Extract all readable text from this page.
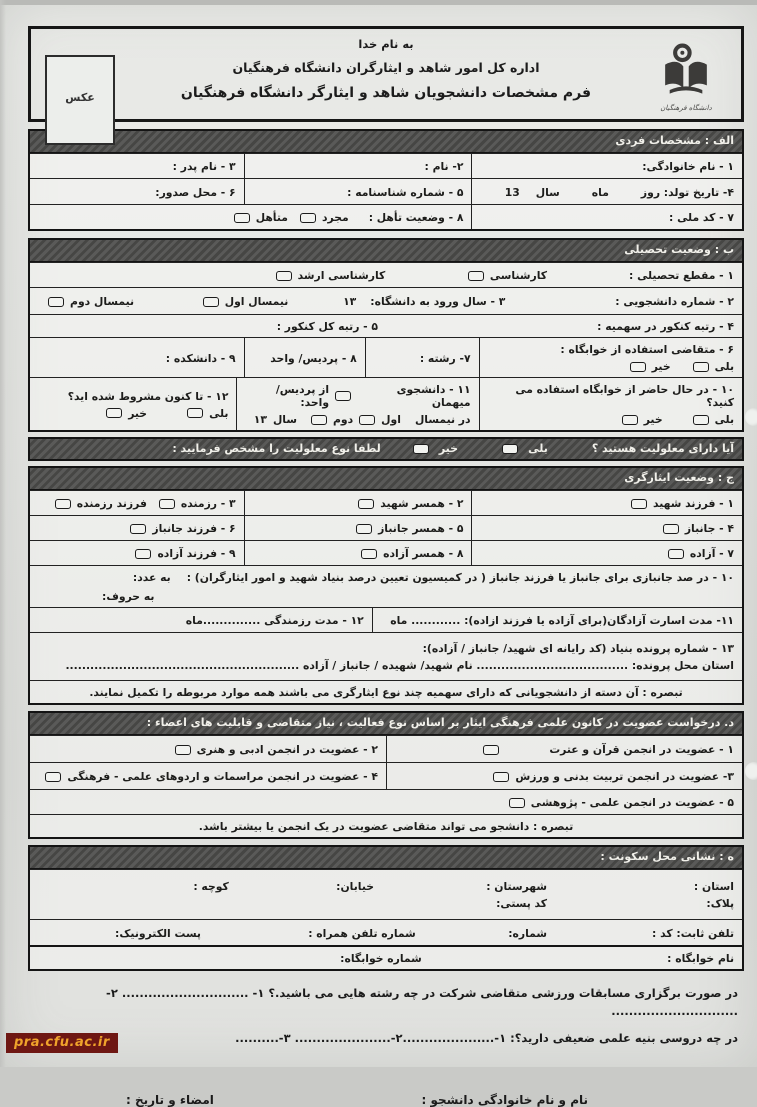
عکس
به نام خدا
اداره کل امور شاهد و ایثارگران دانشگاه فرهنگیان
فرم مشخصات دانشجویان شاهد و ایثارگر دانشگاه فرهنگیان
دانشگاه فرهنگیان
الف : مشخصات فردی
۱ - نام خانوادگی:
۲- نام :
۳ - نام پدر :
۴- تاریخ تولد: روز
ماه
سال
13
۵ - شماره شناسنامه :
۶ - محل صدور:
۷ - کد ملی :
۸ - وضعیت تأهل :
مجرد
متأهل
ب : وضعیت تحصیلی
۱ - مقطع تحصیلی :
کارشناسی
کارشناسی ارشد
۲ - شماره دانشجویی :
۳ - سال ورود به دانشگاه:
۱۳
نیمسال اول
نیمسال دوم
۴ - رتبه کنکور در سهمیه :
۵ - رتبه کل کنکور :
۶ - متقاضی استفاده از خوابگاه :
بلی
خیر
۷- رشته :
۸ - پردیس/ واحد
۹ - دانشکده :
۱۰ - در حال حاضر از خوابگاه استفاده می کنید؟
بلی
خیر
۱۱ - دانشجوی میهمان
از پردیس/ واحد:
در نیمسال
اول
دوم
سال
۱۳
۱۲ - تا کنون مشروط شده اید؟
بلی
خیر
آیا دارای معلولیت هستید ؟
بلی
خیر
لطفا نوع معلولیت را مشخص فرمایید :
ج : وضعیت ایثارگری
۱ - فرزند شهید
۲ - همسر شهید
۳ - رزمنده
فرزند رزمنده
۴ - جانباز
۵ - همسر جانباز
۶ - فرزند جانباز
۷ - آزاده
۸ - همسر آزاده
۹ - فرزند آزاده
۱۰ - در صد جانبازی برای جانباز یا فرزند جانباز ( در کمیسیون تعیین درصد بنیاد شهید و امور ایثارگران) :
به عدد:
به حروف:
۱۱- مدت اسارت آزادگان(برای آزاده یا فرزند ازاده): ............ ماه
۱۲ - مدت رزمندگی ..............ماه
۱۳ - شماره پرونده بنیاد (کد رایانه ای شهید/ جانباز / آزاده):
استان محل پرونده: ..................................... نام شهید/ شهیده / جانباز / آزاده .........................................................
تبصره : آن دسته از دانشجویانی که دارای سهمیه چند نوع ایثارگری می باشند همه موارد مربوطه را تکمیل نمایند.
د. درخواست عضویت در کانون علمی فرهنگی ایثار بر اساس نوع فعالیت ، نیاز متقاضی و قابلیت های اعضاء :
۱ - عضویت در انجمن قرآن و عترت
۲ - عضویت در انجمن ادبی و هنری
۳- عضویت در انجمن تربیت بدنی و ورزش
۴ - عضویت در انجمن مراسمات و اردوهای علمی - فرهنگی
۵ - عضویت در انجمن علمی - پژوهشی
تبصره : دانشجو می تواند متقاضی عضویت در یک انجمن یا بیشتر باشد.
ه : نشانی محل سکونت :
استان :
شهرستان :
خیابان:
کوچه :
پلاک:
کد پستی:
تلفن ثابت: کد :
شماره:
شماره تلفن همراه :
پست الکترونیک:
نام خوابگاه :
شماره خوابگاه:
در صورت برگزاری مسابقات ورزشی متقاضی شرکت در چه رشته هایی می باشید.؟ ۱- ............................. ۲- .............................
در چه دروسی بنیه علمی ضعیفی دارید؟: ۱-.....................۲-...................... ۳-..........
نام و نام خانوادگی دانشجو :
امضاء و تاریخ :
pra.cfu.ac.ir
